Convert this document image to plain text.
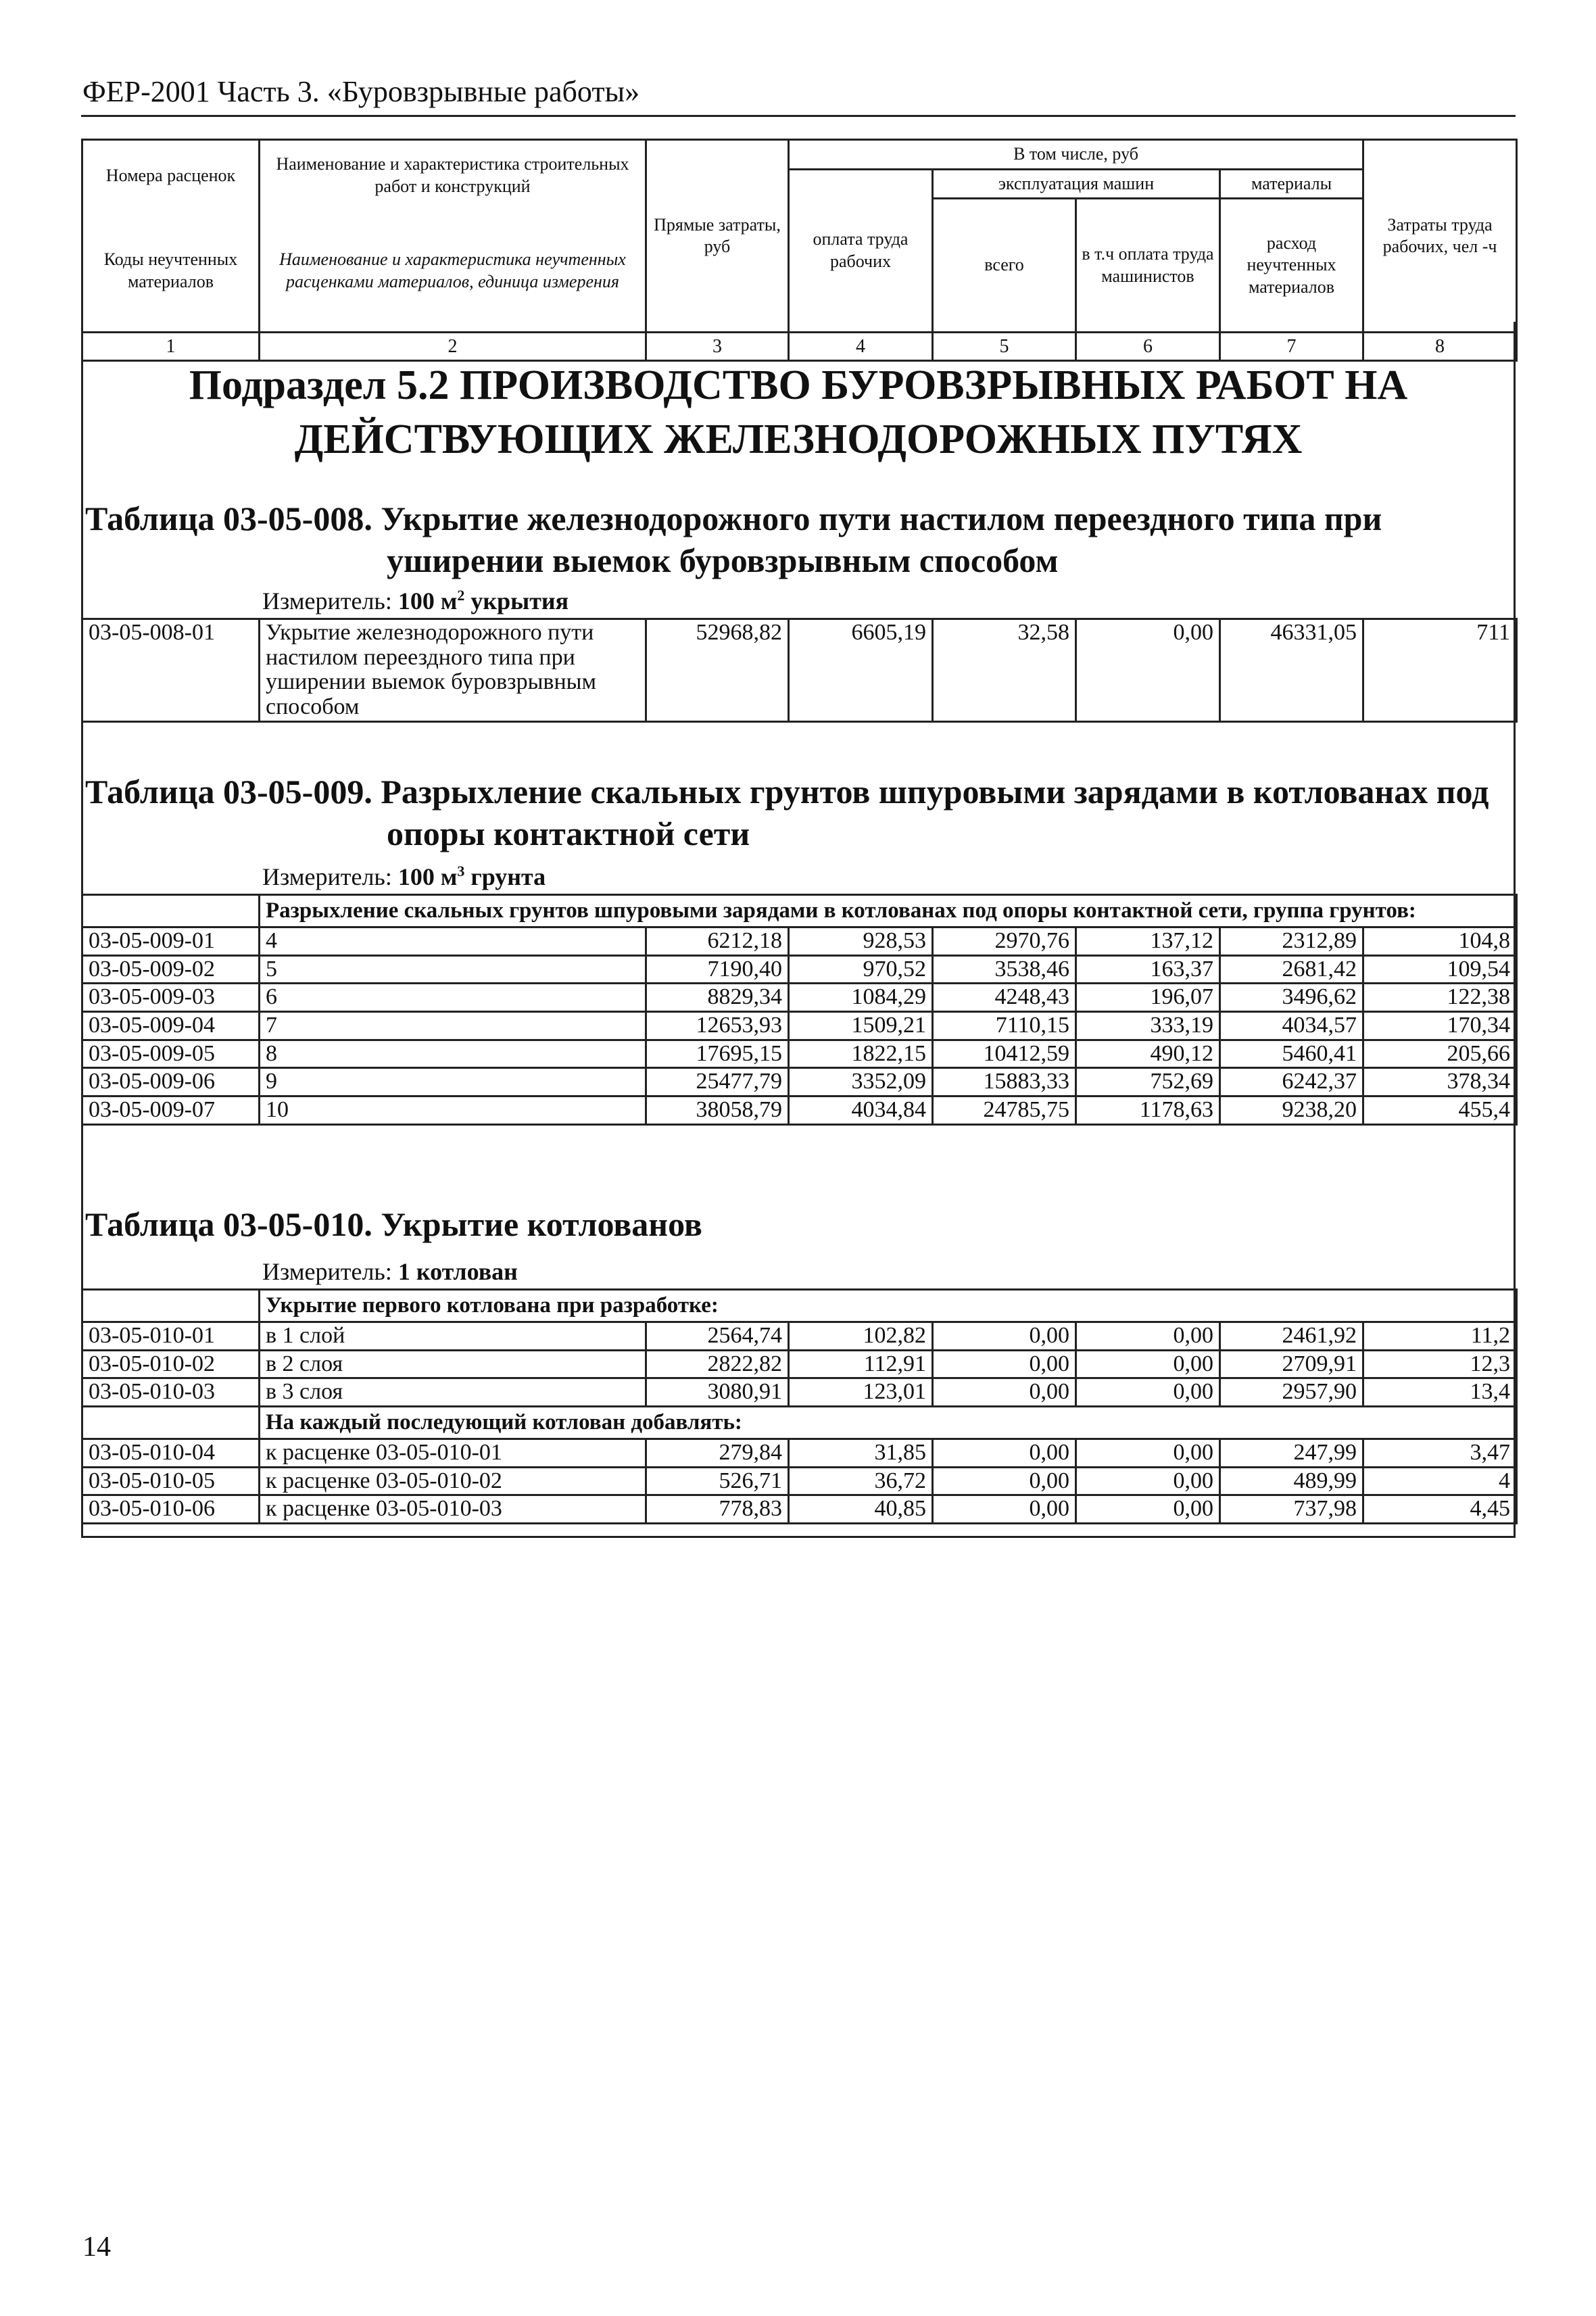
ФЕР-2001 Часть 3. «Буровзрывные работы»
Номера расценок	Наименование и характеристика строительных работ и конструкций	Прямые затраты, руб	В том числе, руб				Затраты труда рабочих, чел -ч
			оплата труда рабочих	эксплуатация машин		материалы	
				всего	в т.ч оплата труда машинистов	расход неучтенных материалов	
Коды неучтенных материалов	Наименование и характеристика неучтенных расценками материалов, единица измерения						

1	2	3	4	5	6	7	8
Подраздел 5.2 ПРОИЗВОДСТВО БУРОВЗРЫВНЫХ РАБОТ НА ДЕЙСТВУЮЩИХ ЖЕЛЕЗНОДОРОЖНЫХ ПУТЯХ
Таблица 03-05-008. Укрытие железнодорожного пути настилом переездного типа при
уширении выемок буровзрывным способом
Измеритель: 100 $м^2$ укрытия
03-05-008-01	Укрытие железнодорожного пути настилом переездного типа при уширении выемок буровзрывным способом	52968,82	6605,19	32,58	0,00	46331,05	711
Таблица 03-05-009. Разрыхление скальных грунтов шпуровыми зарядами в котлованах под
опоры контактной сети
Измеритель: 100 $м^3$ грунта
	Разрыхление скальных грунтов шпуровыми зарядами в котлованах под опоры контактной сети, группа грунтов:						
03-05-009-01	4	6212,18	928,53	2970,76	137,12	2312,89	104,8
03-05-009-02	5	7190,40	970,52	3538,46	163,37	2681,42	109,54
03-05-009-03	6	8829,34	1084,29	4248,43	196,07	3496,62	122,38
03-05-009-04	7	12653,93	1509,21	7110,15	333,19	4034,57	170,34
03-05-009-05	8	17695,15	1822,15	10412,59	490,12	5460,41	205,66
03-05-009-06	9	25477,79	3352,09	15883,33	752,69	6242,37	378,34
03-05-009-07	10	38058,79	4034,84	24785,75	1178,63	9238,20	455,4
Таблица 03-05-010. Укрытие котлованов
Измеритель: 1 котлован
	Укрытие первого котлована при разработке:						
03-05-010-01	в 1 слой	2564,74	102,82	0,00	0,00	2461,92	11,2
03-05-010-02	в 2 слоя	2822,82	112,91	0,00	0,00	2709,91	12,3
03-05-010-03	в 3 слоя	3080,91	123,01	0,00	0,00	2957,90	13,4
	На каждый последующий котлован добавлять:						
03-05-010-04	к расценке 03-05-010-01	279,84	31,85	0,00	0,00	247,99	3,47
03-05-010-05	к расценке 03-05-010-02	526,71	36,72	0,00	0,00	489,99	4
03-05-010-06	к расценке 03-05-010-03	778,83	40,85	0,00	0,00	737,98	4,45
14
